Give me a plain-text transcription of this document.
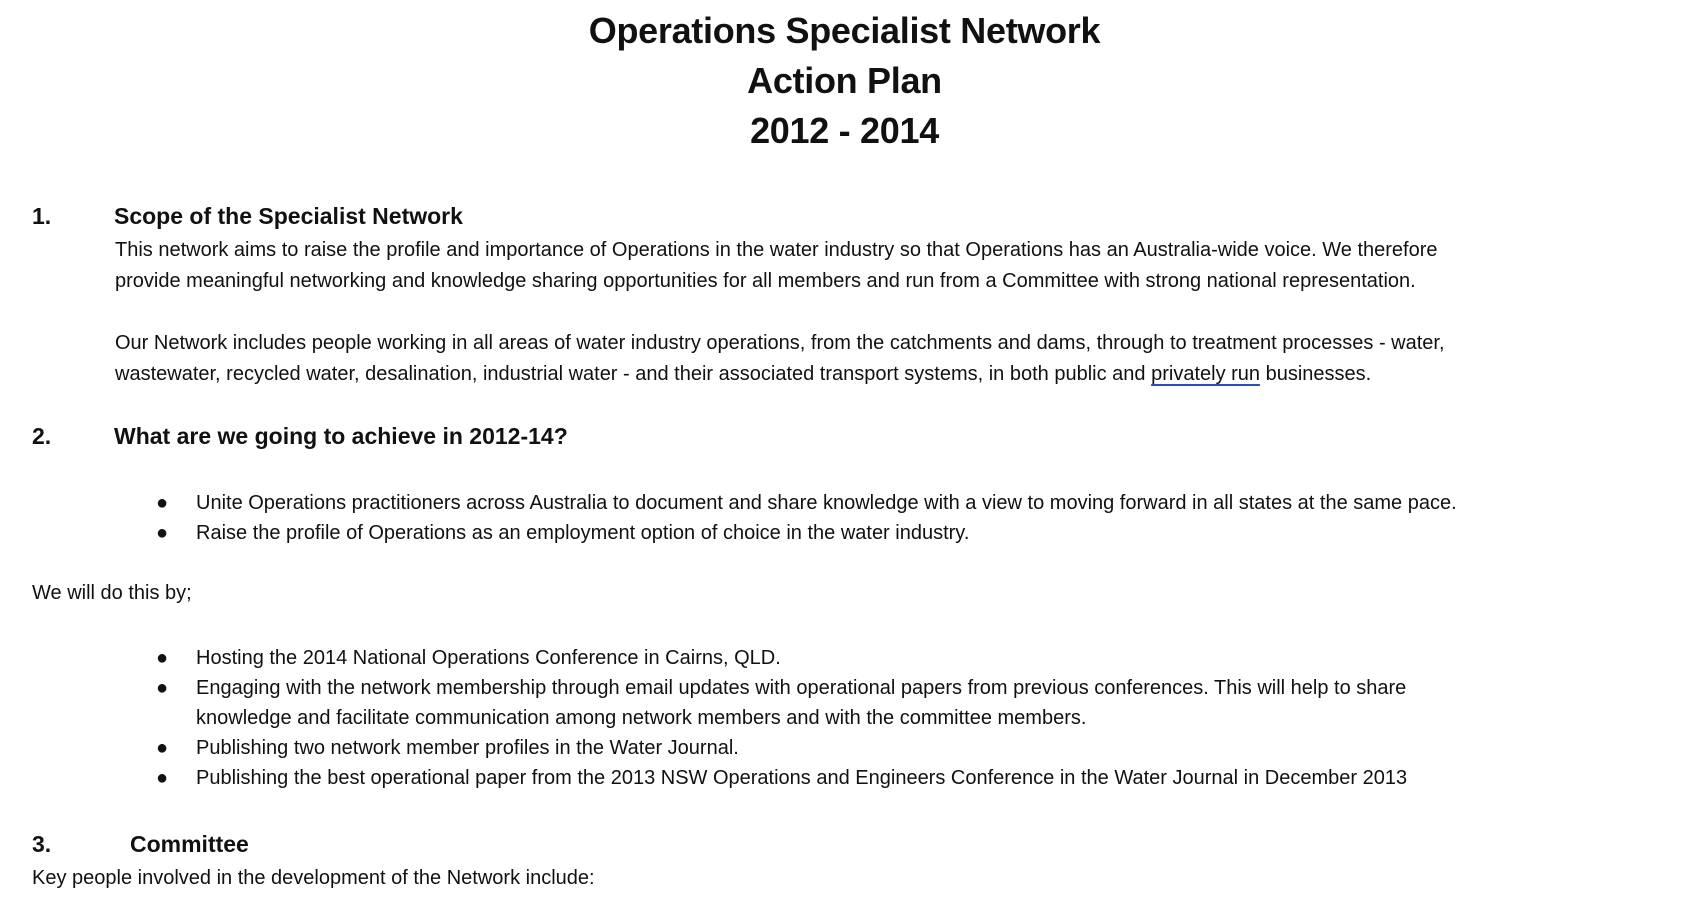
Operations Specialist Network
Action Plan
2012 - 2014
1.	Scope of the Specialist Network
This network aims to raise the profile and importance of Operations in the water industry so that Operations has an Australia-wide voice. We therefore
provide meaningful networking and knowledge sharing opportunities for all members and run from a Committee with strong national representation.
Our Network includes people working in all areas of water industry operations, from the catchments and dams, through to treatment processes - water,
wastewater, recycled water, desalination, industrial water - and their associated transport systems, in both public and privately run businesses.
2.	What are we going to achieve in 2012-14?
● Unite Operations practitioners across Australia to document and share knowledge with a view to moving forward in all states at the same pace.
● Raise the profile of Operations as an employment option of choice in the water industry.
We will do this by;
● Hosting the 2014 National Operations Conference in Cairns, QLD.
● Engaging with the network membership through email updates with operational papers from previous conferences. This will help to share
knowledge and facilitate communication among network members and with the committee members.
● Publishing two network member profiles in the Water Journal.
● Publishing the best operational paper from the 2013 NSW Operations and Engineers Conference in the Water Journal in December 2013
3.	Committee
Key people involved in the development of the Network include:
